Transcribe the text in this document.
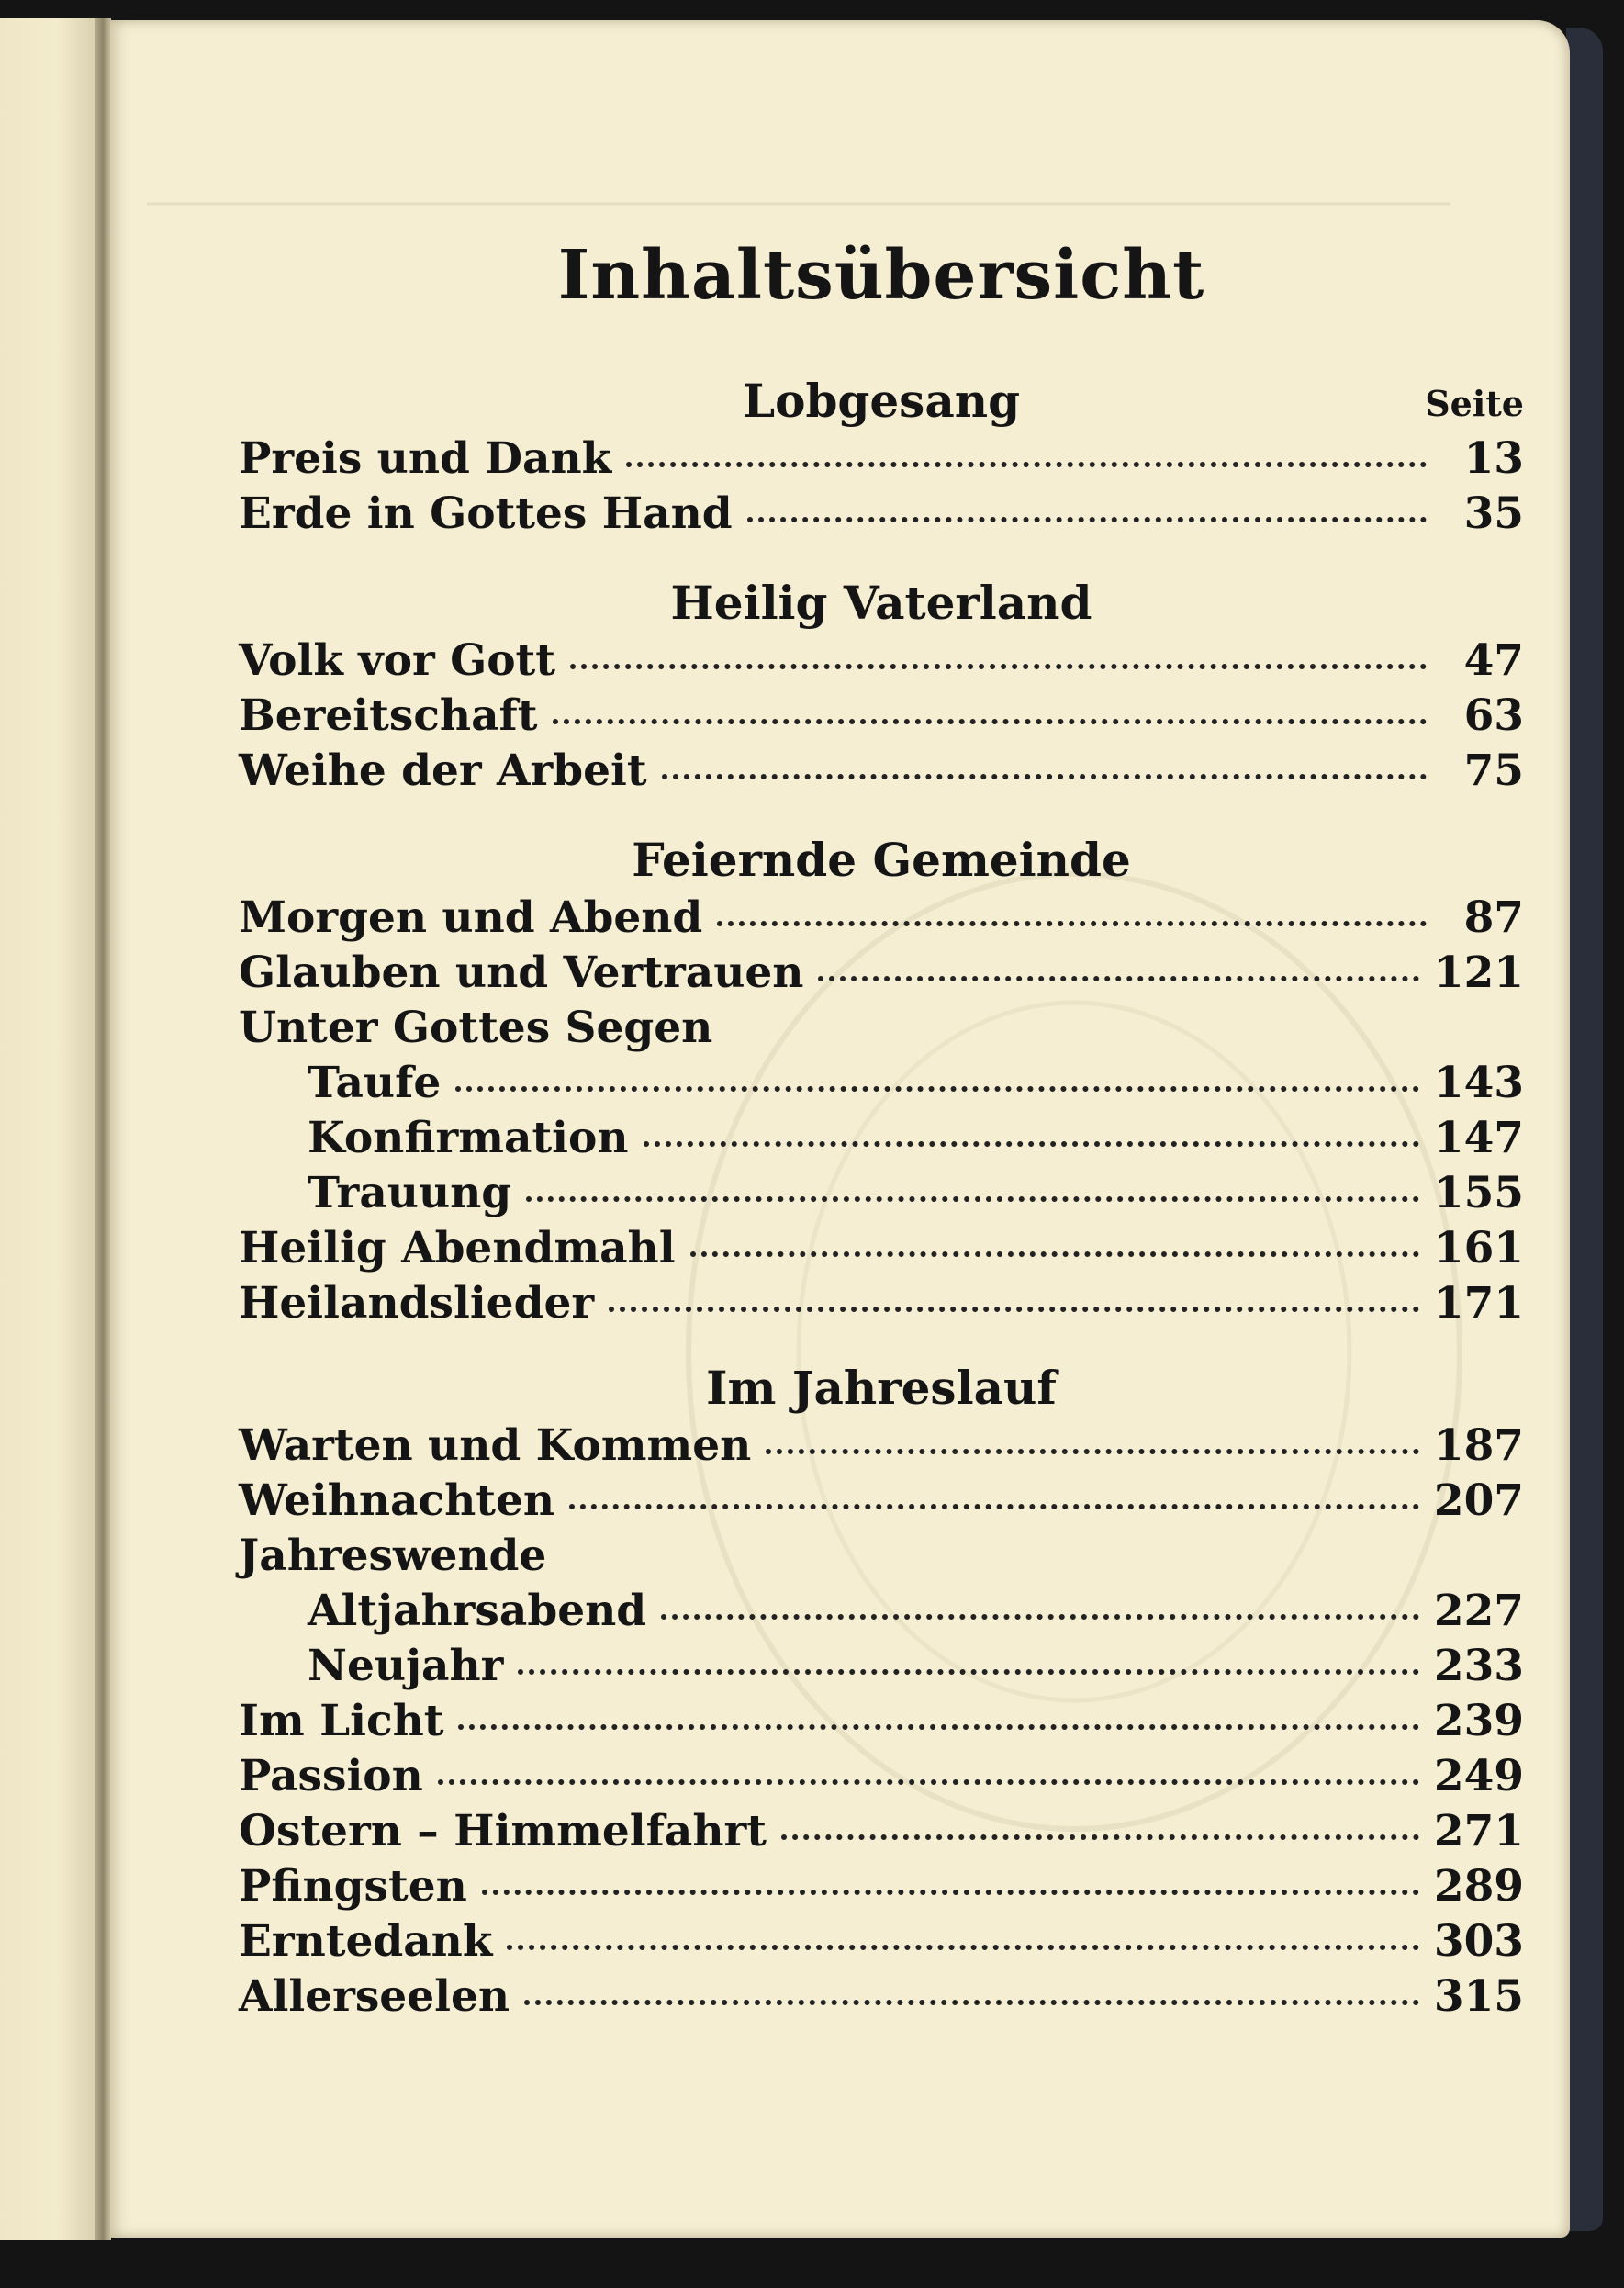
Inhaltsübersicht
Seite
Lobgesang
Preis und Dank	13
Erde in Gottes Hand	35
Heilig Vaterland
Volk vor Gott	47
Bereitschaft	63
Weihe der Arbeit	75
Feiernde Gemeinde
Morgen und Abend	87
Glauben und Vertrauen	121
Unter Gottes Segen
Taufe	143
Konfirmation	147
Trauung	155
Heilig Abendmahl	161
Heilandslieder	171
Im Jahreslauf
Warten und Kommen	187
Weihnachten	207
Jahreswende
Altjahrsabend	227
Neujahr	233
Im Licht	239
Passion	249
Ostern – Himmelfahrt	271
Pfingsten	289
Erntedank	303
Allerseelen	315
